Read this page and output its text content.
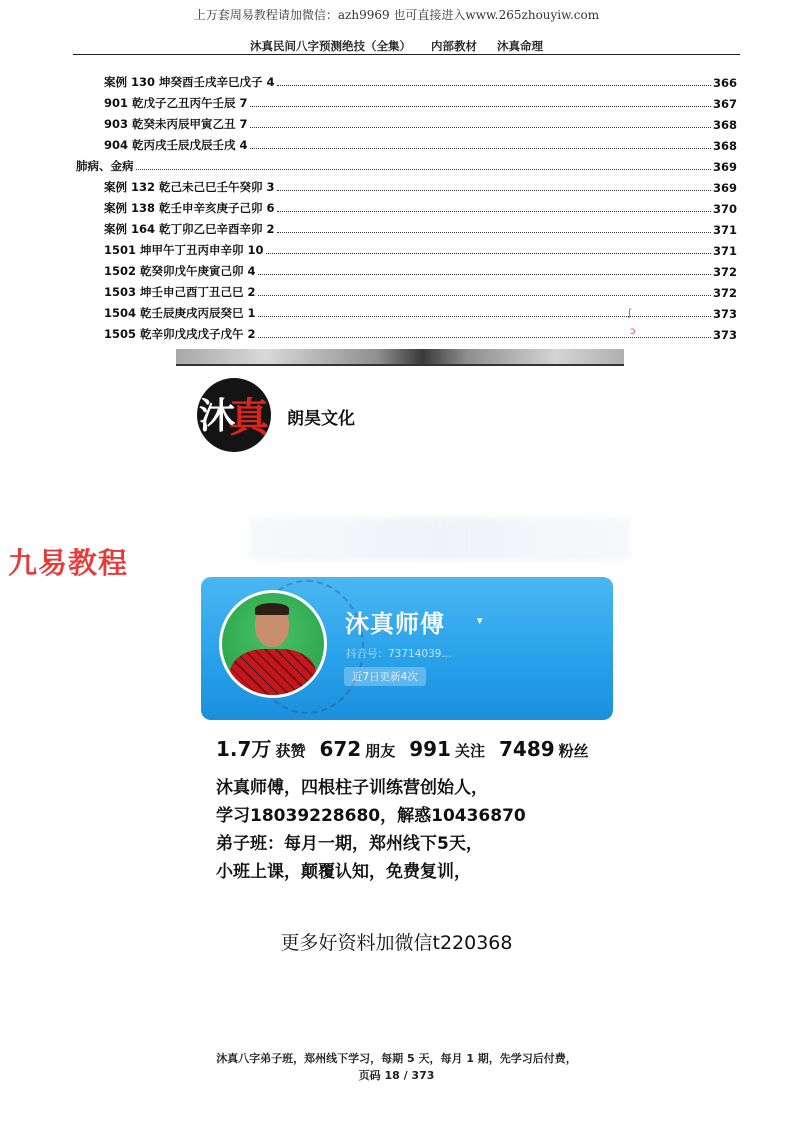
上万套周易教程请加微信：azh9969 也可直接进入www.265zhouyiw.com
沐真民间八字预测绝技（全集） 内部教材 沐真命理
案例 130 坤癸酉壬戌辛巳戊子 4	366
901 乾戊子乙丑丙午壬辰 7	367
903 乾癸未丙辰甲寅乙丑 7	368
904 乾丙戌壬辰戊辰壬戌 4	368
肺病、金病	369
案例 132 乾己未己巳壬午癸卯 3	369
案例 138 乾壬申辛亥庚子己卯 6	370
案例 164 乾丁卯乙巳辛酉辛卯 2	371
1501 坤甲午丁丑丙申辛卯 10	371
1502 乾癸卯戊午庚寅己卯 4	372
1503 坤壬申己酉丁丑己巳 2	372
1504 乾壬辰庚戌丙辰癸巳 1	373
1505 乾辛卯戊戌戊子戊午 2	373
ʃ
ɔ
沐
真 朗昊文化
九易教程
沐真师傅	▾
抖音号：73714039...
近7日更新4次
1.7万 获赞 672 朋友 991 关注 7489 粉丝
沐真师傅，四根柱子训练营创始人，
学习18039228680，解惑10436870
弟子班：每月一期，郑州线下5天，
小班上课，颠覆认知，免费复训，
更多好资料加微信t220368
沐真八字弟子班，郑州线下学习，每期 5 天，每月 1 期，先学习后付费，
页码 18 / 373
